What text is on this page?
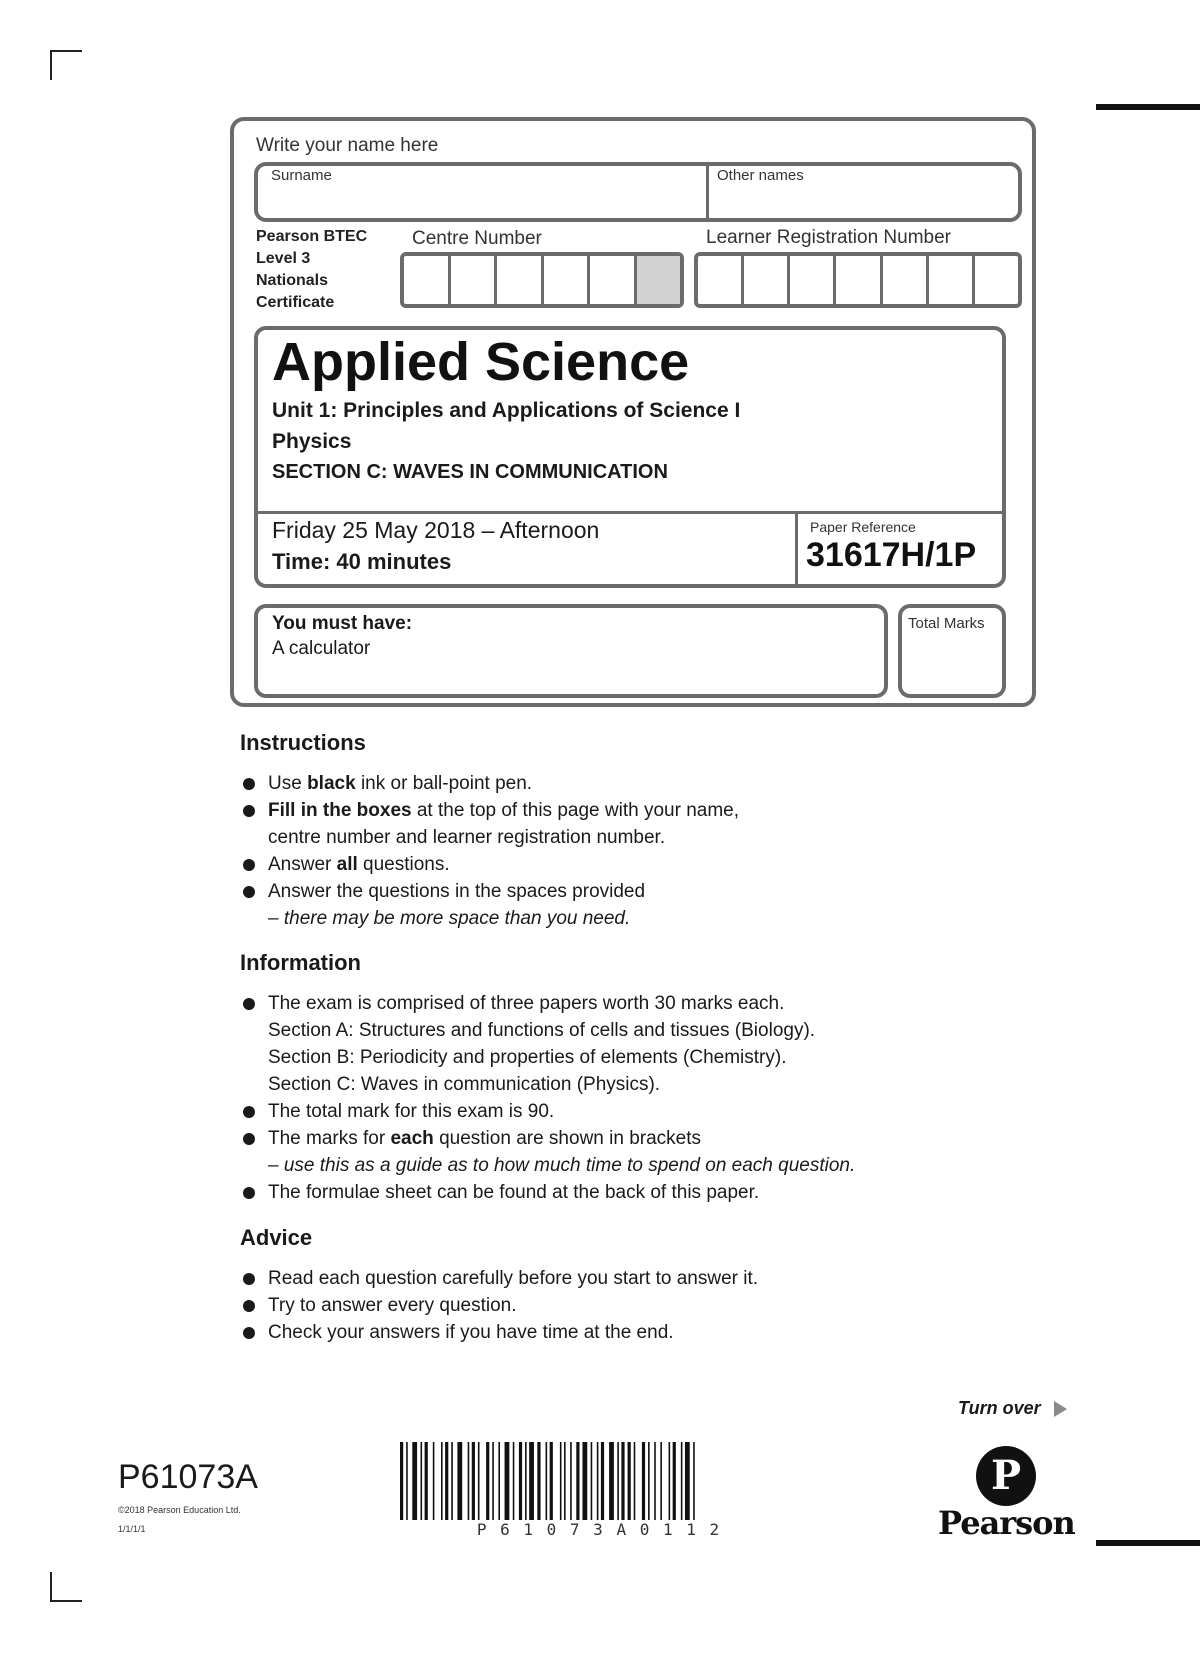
Write your name here
Surname	Other names
Pearson BTEC
Level 3
Nationals
Certificate
Centre Number	Learner Registration Number
Applied Science
Unit 1: Principles and Applications of Science I
Physics
SECTION C: WAVES IN COMMUNICATION
Friday 25 May 2018 – Afternoon
Time: 40 minutes
Paper Reference
31617H/1P
You must have:
A calculator
Total Marks
Instructions
Use black ink or ball-point pen.
Fill in the boxes at the top of this page with your name,
centre number and learner registration number.
Answer all questions.
Answer the questions in the spaces provided
– there may be more space than you need.
Information
The exam is comprised of three papers worth 30 marks each.
Section A: Structures and functions of cells and tissues (Biology).
Section B: Periodicity and properties of elements (Chemistry).
Section C: Waves in communication (Physics).
The total mark for this exam is 90.
The marks for each question are shown in brackets
– use this as a guide as to how much time to spend on each question.
The formulae sheet can be found at the back of this paper.
Advice
Read each question carefully before you start to answer it.
Try to answer every question.
Check your answers if you have time at the end.
Turn over
P61073A
©2018 Pearson Education Ltd.
1/1/1/1	P 6 1 0 7 3 A 0 1 1 2
P
Pearson
